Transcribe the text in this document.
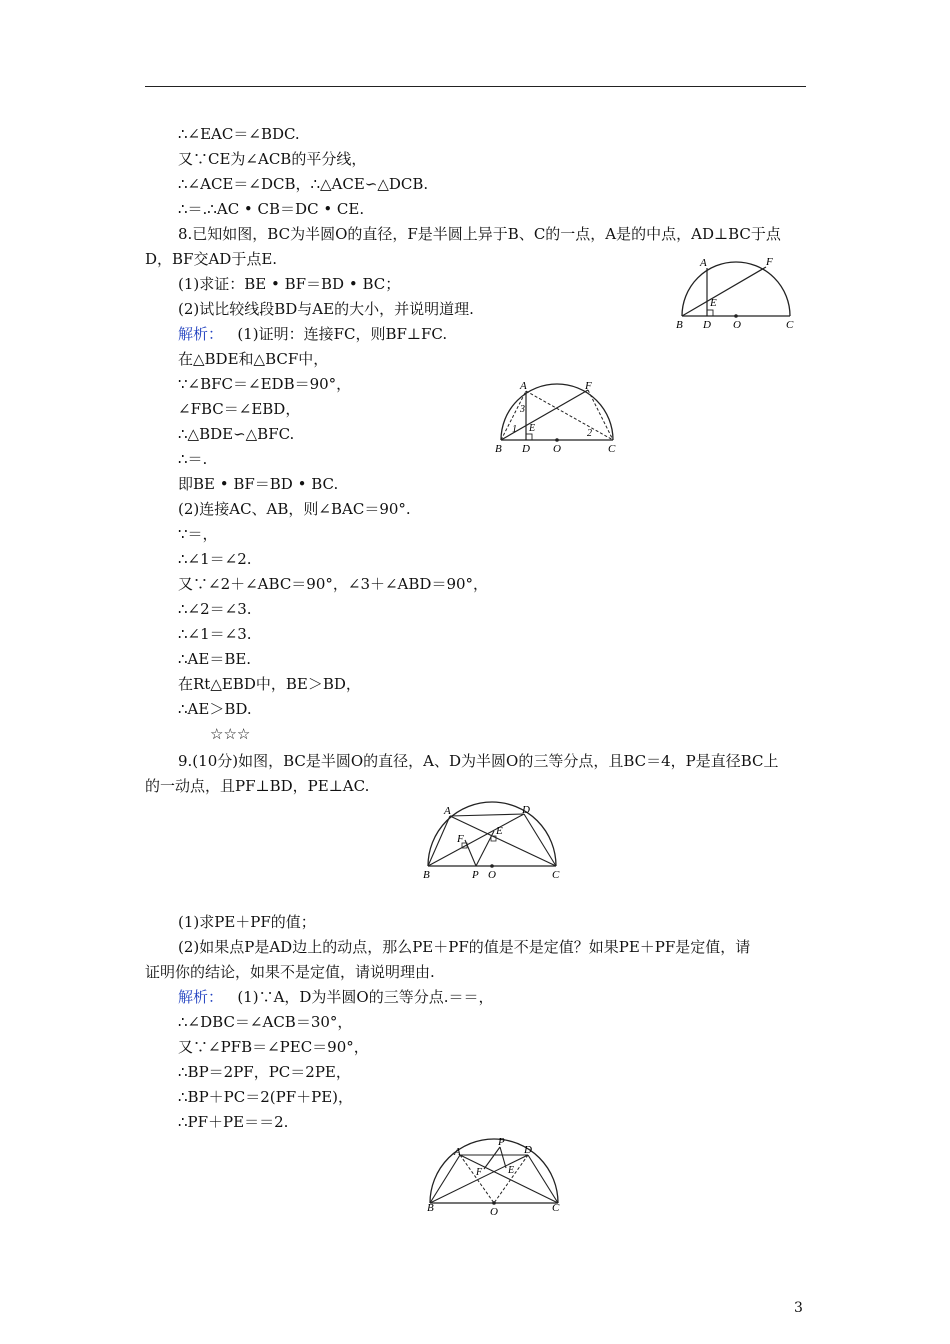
∴∠EAC＝∠BDC.
又∵CE为∠ACB的平分线，
∴∠ACE＝∠DCB，∴△ACE∽△DCB.
∴＝.∴AC • CB＝DC • CE.
8.已知如图，BC为半圆O的直径，F是半圆上异于B、C的一点，A是的中点，AD⊥BC于点
D，BF交AD于点E.
(1)求证：BE • BF＝BD • BC；
(2)试比较线段BD与AE的大小，并说明道理.
解析： (1)证明：连接FC，则BF⊥FC.
在△BDE和△BCF中，
∵∠BFC＝∠EDB＝90°，
∠FBC＝∠EBD，
∴△BDE∽△BFC.
∴＝.
即BE • BF＝BD • BC.
(2)连接AC、AB，则∠BAC＝90°.
∵＝，
∴∠1＝∠2.
又∵∠2＋∠ABC＝90°，∠3＋∠ABD＝90°，
∴∠2＝∠3.
∴∠1＝∠3.
∴AE＝BE.
在Rt△EBD中，BE＞BD，
∴AE＞BD.
☆☆☆
9.(10分)如图，BC是半圆O的直径，A、D为半圆O的三等分点，且BC＝4，P是直径BC上
的一动点，且PF⊥BD，PE⊥AC.
(1)求PE＋PF的值；
(2)如果点P是AD边上的动点，那么PE＋PF的值是不是定值？如果PE＋PF是定值，请
证明你的结论，如果不是定值，请说明理由.
解析： (1)∵A，D为半圆O的三等分点.＝＝，
∴∠DBC＝∠ACB＝30°，
又∵∠PFB＝∠PEC＝90°，
∴BP＝2PF，PC＝2PE，
∴BP＋PC＝2(PF＋PE)，
∴PF＋PE＝＝2.
A	F
E
B D O	C
A	F
E
B D O	C
1	2
3
A	D
F
E
B	P O	C
A
P
D
F	E
B	O	C
3
